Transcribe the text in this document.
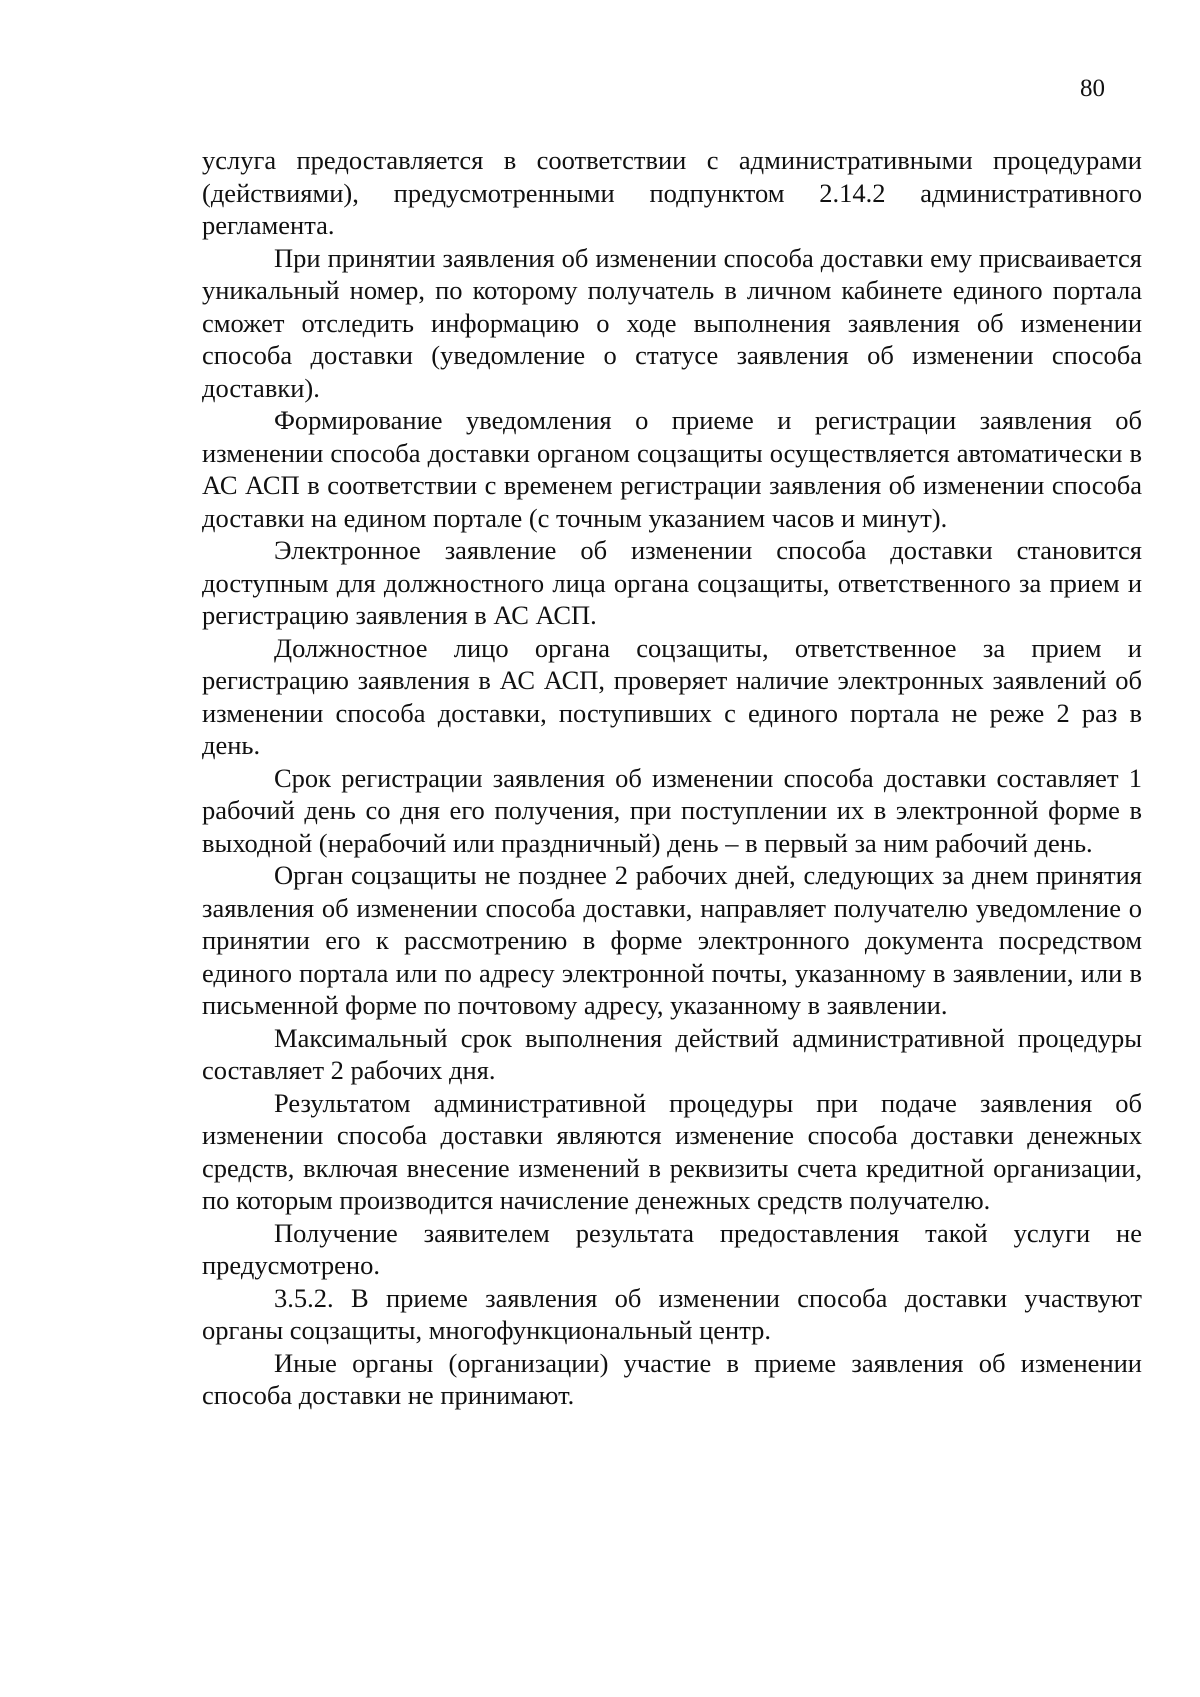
80

услуга предоставляется в соответствии с административными процедурами (действиями), предусмотренными подпунктом 2.14.2 административного регламента.

При принятии заявления об изменении способа доставки ему присваивается уникальный номер, по которому получатель в личном кабинете единого портала сможет отследить информацию о ходе выполнения заявления об изменении способа доставки (уведомление о статусе заявления об изменении способа доставки).

Формирование уведомления о приеме и регистрации заявления об изменении способа доставки органом соцзащиты осуществляется автоматически в АС АСП в соответствии с временем регистрации заявления об изменении способа доставки на едином портале (с точным указанием часов и минут).

Электронное заявление об изменении способа доставки становится доступным для должностного лица органа соцзащиты, ответственного за прием и регистрацию заявления в АС АСП.

Должностное лицо органа соцзащиты, ответственное за прием и регистрацию заявления в АС АСП, проверяет наличие электронных заявлений об изменении способа доставки, поступивших с единого портала не реже 2 раз в день.

Срок регистрации заявления об изменении способа доставки составляет 1 рабочий день со дня его получения, при поступлении их в электронной форме в выходной (нерабочий или праздничный) день – в первый за ним рабочий день.

Орган соцзащиты не позднее 2 рабочих дней, следующих за днем принятия заявления об изменении способа доставки, направляет получателю уведомление о принятии его к рассмотрению в форме электронного документа посредством единого портала или по адресу электронной почты, указанному в заявлении, или в письменной форме по почтовому адресу, указанному в заявлении.

Максимальный срок выполнения действий административной процедуры составляет 2 рабочих дня.

Результатом административной процедуры при подаче заявления об изменении способа доставки являются изменение способа доставки денежных средств, включая внесение изменений в реквизиты счета кредитной организации, по которым производится начисление денежных средств получателю.

Получение заявителем результата предоставления такой услуги не предусмотрено.

3.5.2. В приеме заявления об изменении способа доставки участвуют органы соцзащиты, многофункциональный центр.

Иные органы (организации) участие в приеме заявления об изменении способа доставки не принимают.
